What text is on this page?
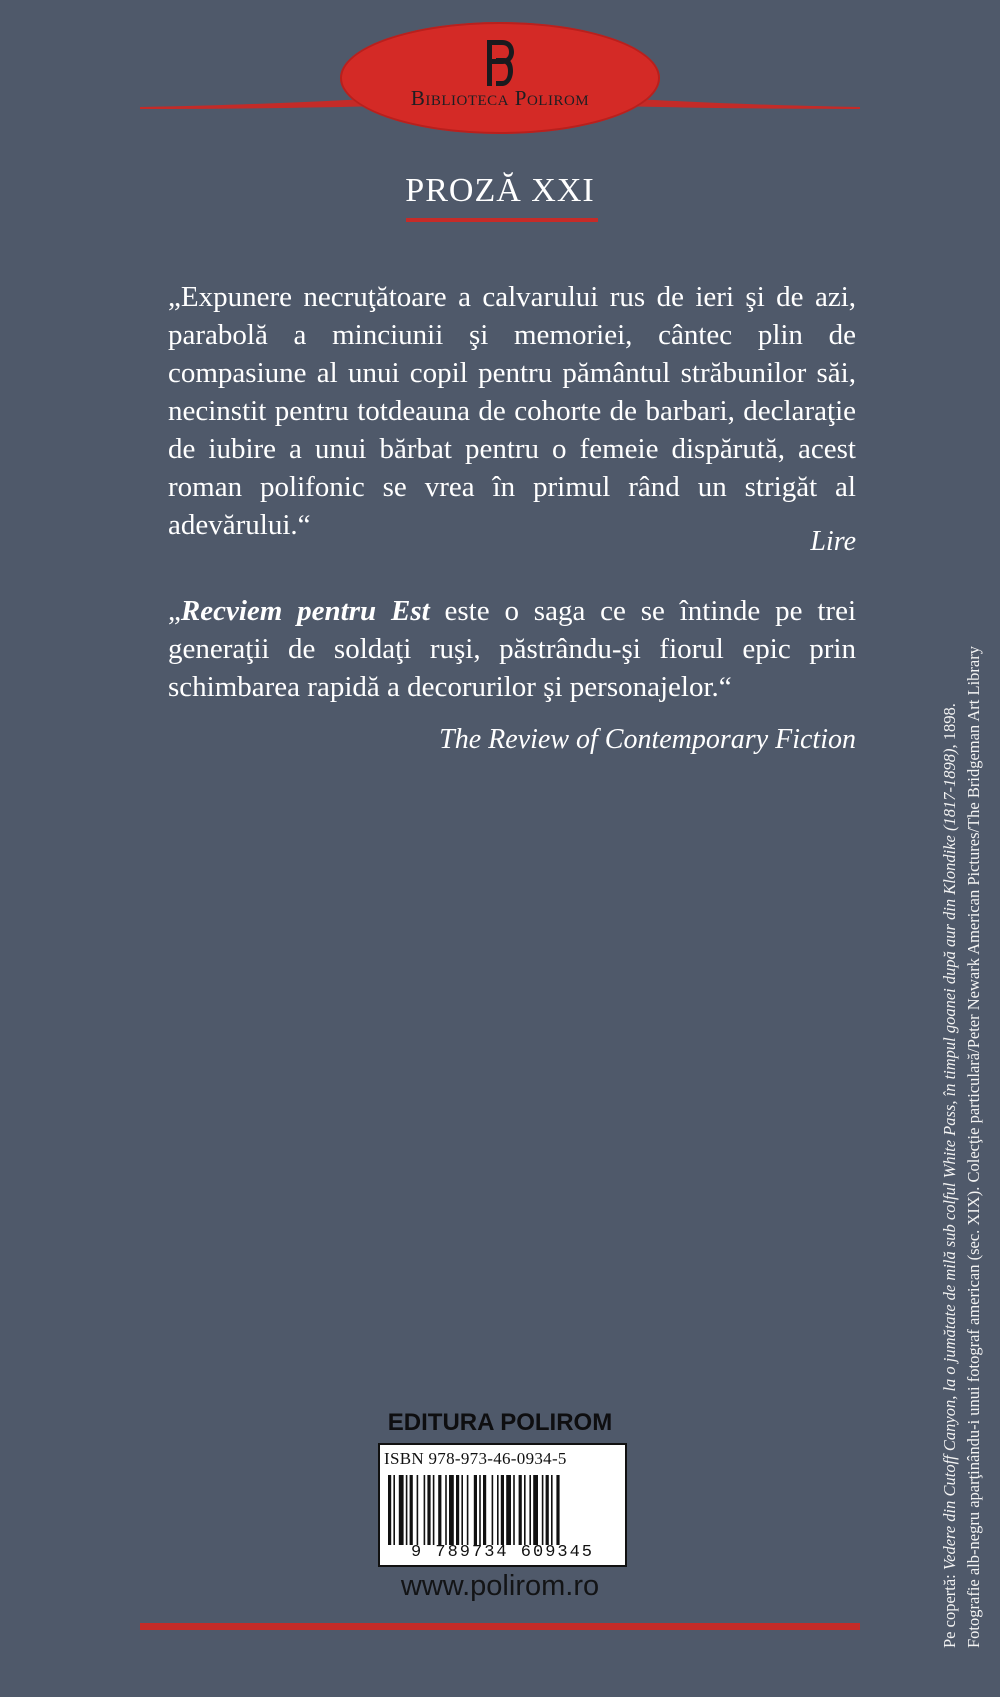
Biblioteca Polirom
PROZĂ XXI
„Expunere necruţătoare a calvarului rus de ieri şi de azi, parabolă a minciunii şi memoriei, cântec plin de compasiune al unui copil pentru pământul străbunilor săi, necinstit pentru totdeauna de cohorte de barbari, declaraţie de iubire a unui bărbat pentru o femeie dispărută, acest roman polifonic se vrea în primul rând un strigăt al adevărului.“
Lire
„Recviem pentru Est este o saga ce se întinde pe trei generaţii de soldaţi ruşi, păstrându-şi fiorul epic prin schimbarea rapidă a decorurilor şi personajelor.“
The Review of Contemporary Fiction
Pe copertă: Vedere din Cutoff Canyon, la o jumătate de milă sub colful White Pass, în timpul goanei după aur din Klondike (1817-1898), 1898. Fotografie alb-negru aparţinându-i unui fotograf american (sec. XIX). Colecţie particulară/Peter Newark American Pictures/The Bridgeman Art Library
EDITURA POLIROM
ISBN 978-973-46-0934-5
9 789734 609345
www.polirom.ro
